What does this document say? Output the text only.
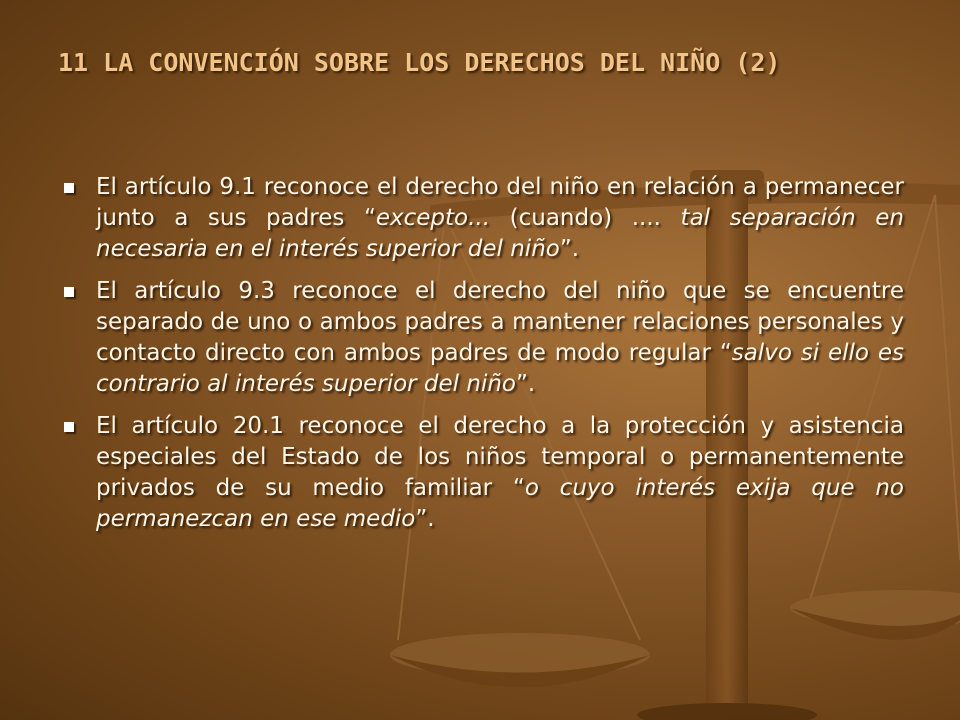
11 LA CONVENCIÓN SOBRE LOS DERECHOS DEL NIÑO (2)
El artículo 9.1 reconoce el derecho del niño en relación a permanecer junto a sus padres “excepto... (cuando) .... tal separación en necesaria en el interés superior del niño”.
El artículo 9.3 reconoce el derecho del niño que se encuentre separado de uno o ambos padres a mantener relaciones personales y contacto directo con ambos padres de modo regular “salvo si ello es contrario al interés superior del niño”.
El artículo 20.1 reconoce el derecho a la protección y asistencia especiales del Estado de los niños temporal o permanentemente privados de su medio familiar “o cuyo interés exija que no permanezcan en ese medio”.
